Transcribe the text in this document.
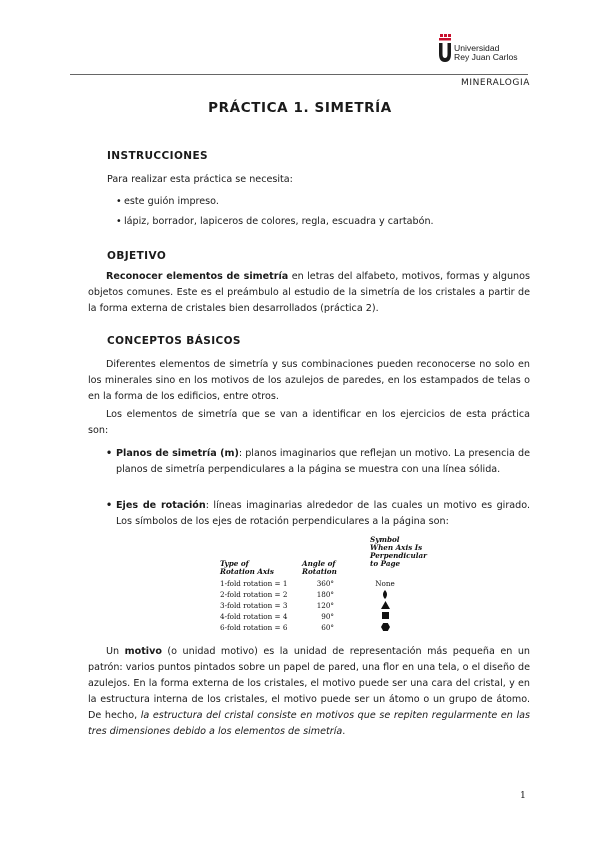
Universidad
Rey Juan Carlos
MINERALOGIA
PRÁCTICA 1. SIMETRÍA
INSTRUCCIONES
Para realizar esta práctica se necesita:
• este guión impreso.
• lápiz, borrador, lapiceros de colores, regla, escuadra y cartabón.
OBJETIVO

Reconocer elementos de simetría en letras del alfabeto, motivos, formas y algunos objetos comunes. Este es el preámbulo al estudio de la simetría de los cristales a partir de la forma externa de cristales bien desarrollados (práctica 2).

CONCEPTOS BÁSICOS

Diferentes elementos de simetría y sus combinaciones pueden reconocerse no solo en los minerales sino en los motivos de los azulejos de paredes, en los estampados de telas o en la forma de los edificios, entre otros.

Los elementos de simetría que se van a identificar en los ejercicios de esta práctica son:

• Planos de simetría (m): planos imaginarios que reflejan un motivo. La presencia de planos de simetría perpendiculares a la página se muestra con una línea sólida.
• Ejes de rotación: líneas imaginarias alrededor de las cuales un motivo es girado. Los símbolos de los ejes de rotación perpendiculares a la página son:
Symbol
When Axis Is
Perpendicular
to Page
Type of
Rotation Axis
Angle of
Rotation
1-fold rotation = 1	360°	None
2-fold rotation = 2	180°
3-fold rotation = 3	120°
4-fold rotation = 4	90°
6-fold rotation = 6	60°

Un motivo (o unidad motivo) es la unidad de representación más pequeña en un patrón: varios puntos pintados sobre un papel de pared, una flor en una tela, o el diseño de azulejos. En la forma externa de los cristales, el motivo puede ser una cara del cristal, y en la estructura interna de los cristales, el motivo puede ser un átomo o un grupo de átomo. De hecho, la estructura del cristal consiste en motivos que se repiten regularmente en las tres dimensiones debido a los elementos de simetría.

1
